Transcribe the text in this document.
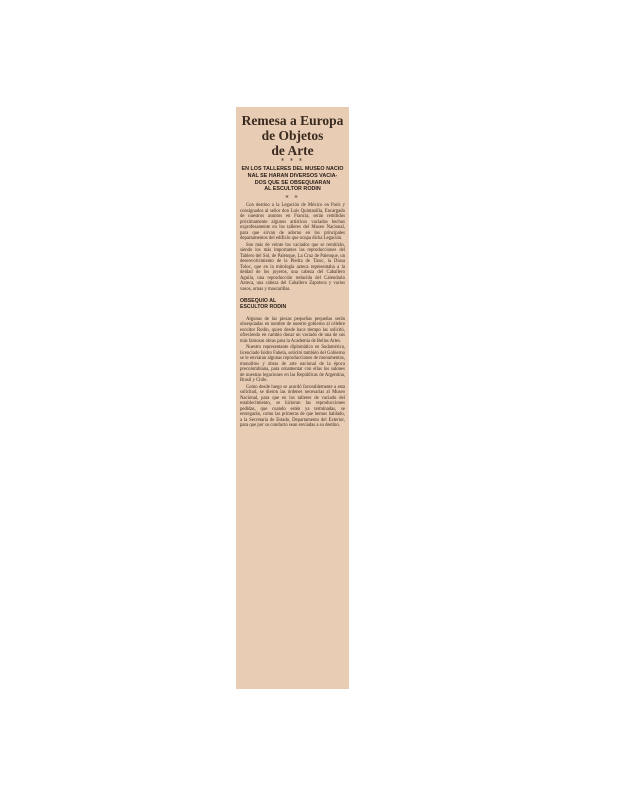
Remesa a Europa
de Objetos
de Arte
* * *
EN LOS TALLERES DEL MUSEO NACIO
NAL SE HARAN DIVERSOS VACIA-
DOS QUE SE OBSEQUIARAN
AL ESCULTOR RODIN
* *

Con destino a la Legación de México en París y consignados al señor don Luis Quintanilla, Encargado de nuestros asuntos en Francia, serán remitidos próximamente algunos artísticos vaciados hechos exprofesamente en los talleres del Museo Nacional, para que sirvan de adorno en los principales departamentos del edificio que ocupa dicha Legación.

Son más de veinte los vaciados que se remitirán, siendo los más importantes las reproducciones del Tablero del Sol, de Palenque, La Cruz de Palenque, un desenvolvimiento de la Piedra de Tizoc, la Diosa Toloc, que en la mitología azteca representaba a la deidad de los joyeros, una cabeza del Caballero Aguila, una reproducción reducida del Calendario Azteca, una cabeza del Caballero Zapoteca y varios vasos, urnas y mascarillas.

OBSEQUIO AL
ESCULTOR RODIN

Algunas de las piezas pequeñas pequeñas serán obsequiadas en nombre de nuestro gobierno al célebre escultor Rodin, quien desde hace tiempo las solicitó, ofreciendo en cambio donar un vaciado de una de sus más famosas obras para la Academia de Bellas Artes.

Nuestro representante diplomático en Sudamérica, licenciado Isidro Fabela, solicitó también del Gobierno se le enviaran algunas reproducciones de monumentos, monolitos y obras de arte nacional de la época precolombiana, para ornamentar con ellas los salones de nuestras legaciones en las Repúblicas de Argentina, Brasil y Chile.

Como desde luego se acordó favorablemente a esta solicitud, se dieron las órdenes necesarias al Museo Nacional, para que en los talleres de vaciado del establecimiento, se hicieran las reproducciones pedidas, que cuando estén ya terminadas, se entregarán, como las primeras de que hemos hablado, a la Secretaría de Estado, Departamento del Exterior, para que por su conducto sean enviadas a su destino.
